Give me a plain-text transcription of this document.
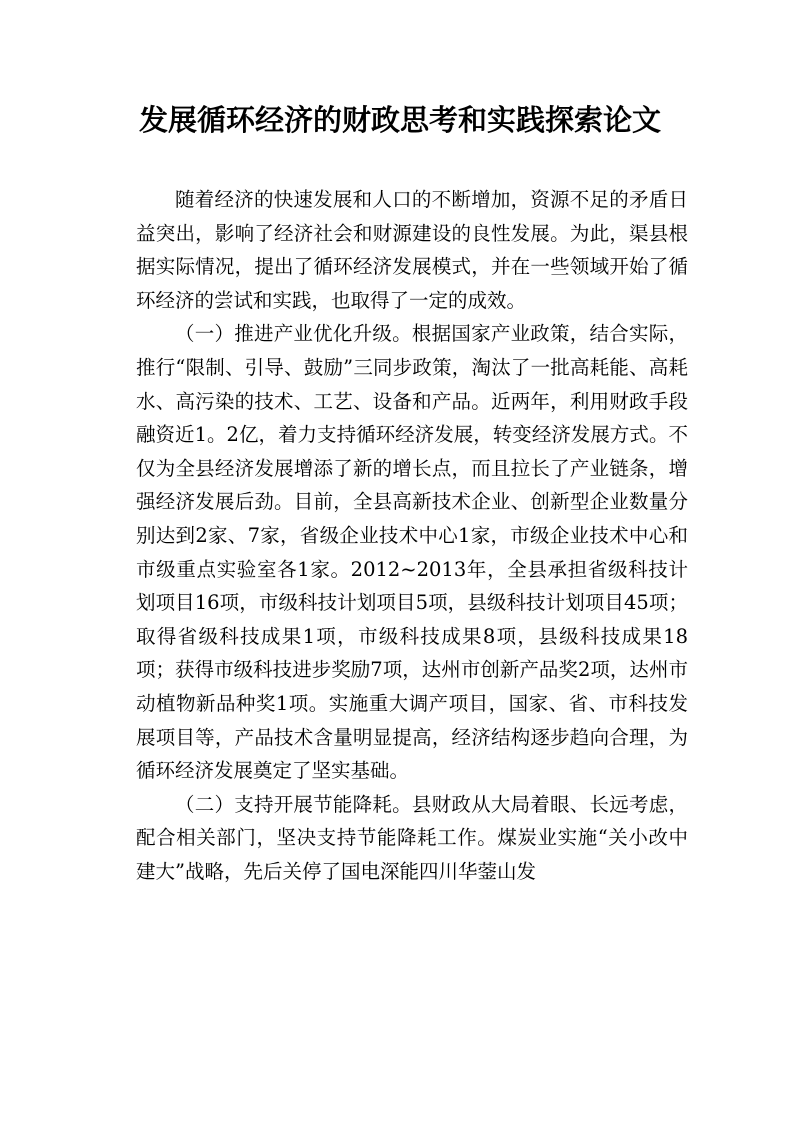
发展循环经济的财政思考和实践探索论文

随着经济的快速发展和人口的不断增加，资源不足的矛盾日益突出，影响了经济社会和财源建设的良性发展。为此，渠县根据实际情况，提出了循环经济发展模式，并在一些领域开始了循环经济的尝试和实践，也取得了一定的成效。

（一）推进产业优化升级。根据国家产业政策，结合实际，推行“限制、引导、鼓励”三同步政策，淘汰了一批高耗能、高耗水、高污染的技术、工艺、设备和产品。近两年，利用财政手段融资近1。2亿，着力支持循环经济发展，转变经济发展方式。不仅为全县经济发展增添了新的增长点，而且拉长了产业链条，增强经济发展后劲。目前，全县高新技术企业、创新型企业数量分别达到2家、7家，省级企业技术中心1家，市级企业技术中心和市级重点实验室各1家。2012~2013年，全县承担省级科技计划项目16项，市级科技计划项目5项，县级科技计划项目45项；取得省级科技成果1项，市级科技成果8项，县级科技成果18项；获得市级科技进步奖励7项，达州市创新产品奖2项，达州市动植物新品种奖1项。实施重大调产项目，国家、省、市科技发展项目等，产品技术含量明显提高，经济结构逐步趋向合理，为循环经济发展奠定了坚实基础。

（二）支持开展节能降耗。县财政从大局着眼、长远考虑，配合相关部门，坚决支持节能降耗工作。煤炭业实施“关小改中建大”战略，先后关停了国电深能四川华蓥山发
